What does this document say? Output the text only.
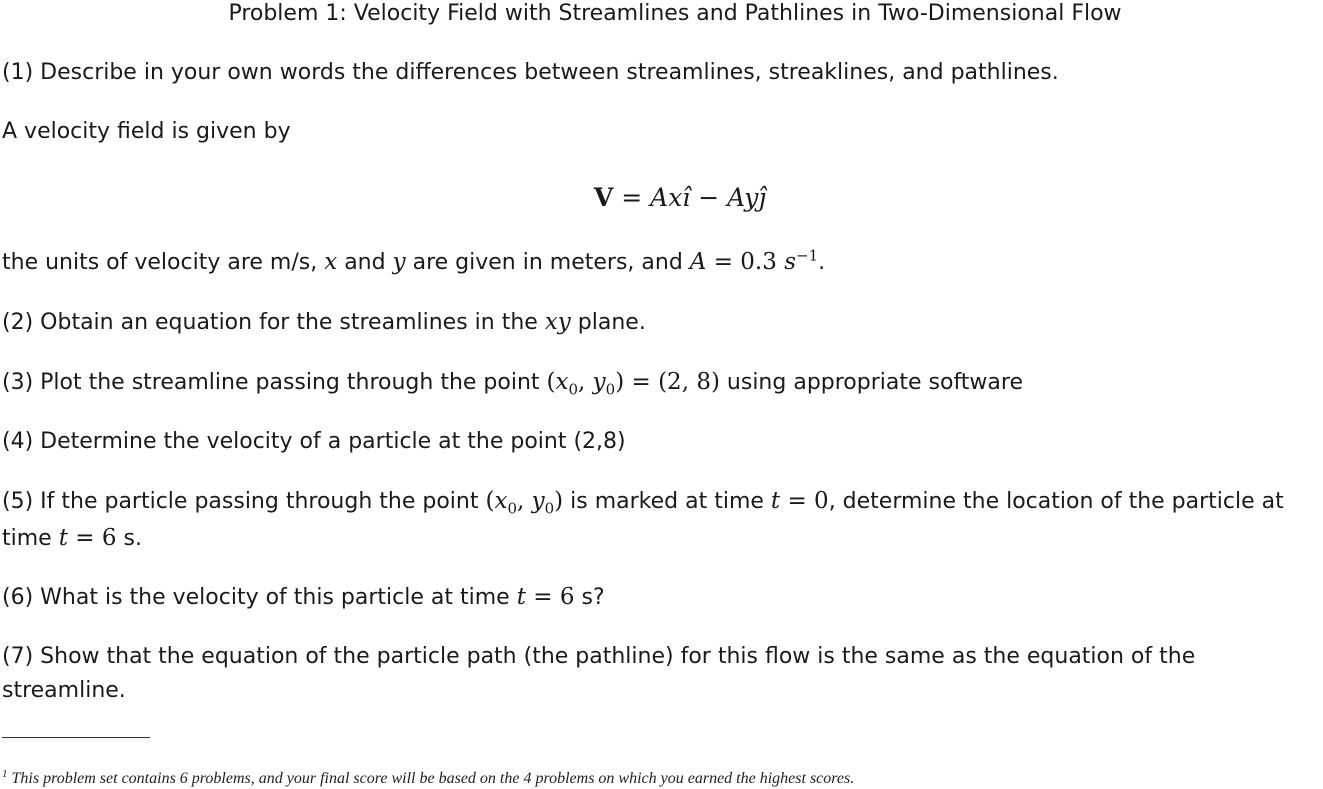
Problem 1: Velocity Field with Streamlines and Pathlines in Two-Dimensional Flow
(1) Describe in your own words the differences between streamlines, streaklines, and pathlines.
A velocity field is given by
V = Axî − Ayĵ
the units of velocity are m/s, x and y are given in meters, and A = 0.3 $s^{-1}$.
(2) Obtain an equation for the streamlines in the xy plane.
(3) Plot the streamline passing through the point ($x_0$, $y_0) = (2$, 8) using appropriate software
(4) Determine the velocity of a particle at the point (2,8)
(5) If the particle passing through the point ($x_0$, $y_0$) is marked at time t = 0, determine the location of the particle at
time t = 6 s.
(6) What is the velocity of this particle at time t = 6 s?
(7) Show that the equation of the particle path (the pathline) for this flow is the same as the equation of the
streamline.
$^1$ This problem set contains 6 problems, and your final score will be based on the 4 problems on which you earned the highest scores.
